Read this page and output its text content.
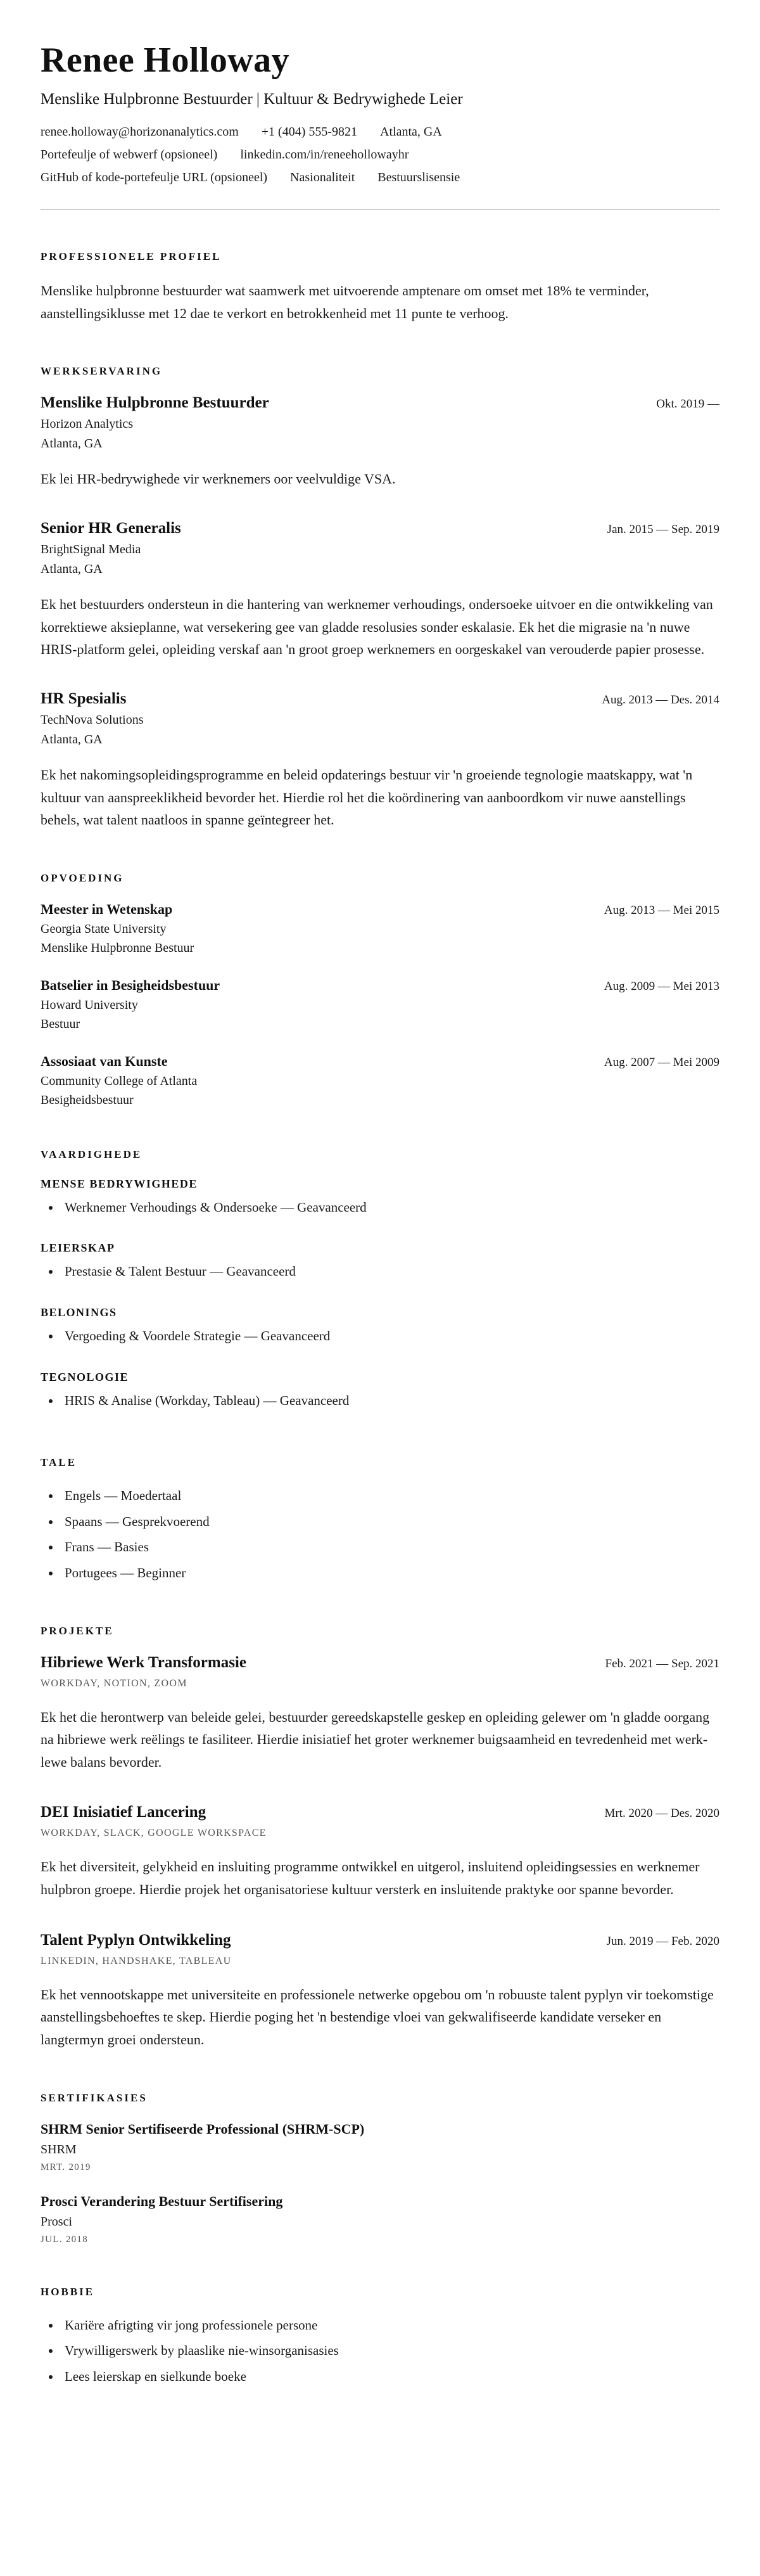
Renee Holloway
Menslike Hulpbronne Bestuurder | Kultuur & Bedrywighede Leier
renee.holloway@horizonanalytics.com +1 (404) 555-9821 Atlanta, GA
Portefeulje of webwerf (opsioneel) linkedin.com/in/reneehollowayhr
GitHub of kode-portefeulje URL (opsioneel) Nasionaliteit Bestuurslisensie
PROFESSIONELE PROFIEL

Menslike hulpbronne bestuurder wat saamwerk met uitvoerende amptenare om omset met 18% te verminder, aanstellingsiklusse met 12 dae te verkort en betrokkenheid met 11 punte te verhoog.

WERKSERVARING
Menslike Hulpbronne Bestuurder	Okt. 2019 —
Horizon Analytics
Atlanta, GA

Ek lei HR-bedrywighede vir werknemers oor veelvuldige VSA.

Senior HR Generalis	Jan. 2015 — Sep. 2019
BrightSignal Media
Atlanta, GA

Ek het bestuurders ondersteun in die hantering van werknemer verhoudings, ondersoeke uitvoer en die ontwikkeling van korrektiewe aksieplanne, wat versekering gee van gladde resolusies sonder eskalasie. Ek het die migrasie na 'n nuwe HRIS-platform gelei, opleiding verskaf aan 'n groot groep werknemers en oorgeskakel van verouderde papier prosesse.

HR Spesialis	Aug. 2013 — Des. 2014
TechNova Solutions
Atlanta, GA

Ek het nakomingsopleidingsprogramme en beleid opdaterings bestuur vir 'n groeiende tegnologie maatskappy, wat 'n kultuur van aanspreeklikheid bevorder het. Hierdie rol het die koördinering van aanboordkom vir nuwe aanstellings behels, wat talent naatloos in spanne geïntegreer het.

OPVOEDING
Meester in Wetenskap	Aug. 2013 — Mei 2015
Georgia State University
Menslike Hulpbronne Bestuur
Batselier in Besigheidsbestuur	Aug. 2009 — Mei 2013
Howard University
Bestuur
Assosiaat van Kunste	Aug. 2007 — Mei 2009
Community College of Atlanta
Besigheidsbestuur
VAARDIGHEDE
MENSE BEDRYWIGHEDE
• Werknemer Verhoudings & Ondersoeke — Geavanceerd
LEIERSKAP
• Prestasie & Talent Bestuur — Geavanceerd
BELONINGS
• Vergoeding & Voordele Strategie — Geavanceerd
TEGNOLOGIE
• HRIS & Analise (Workday, Tableau) — Geavanceerd
TALE
• Engels — Moedertaal
• Spaans — Gesprekvoerend
• Frans — Basies
• Portugees — Beginner
PROJEKTE
Hibriewe Werk Transformasie	Feb. 2021 — Sep. 2021
WORKDAY, NOTION, ZOOM

Ek het die herontwerp van beleide gelei, bestuurder gereedskapstelle geskep en opleiding gelewer om 'n gladde oorgang na hibriewe werk reëlings te fasiliteer. Hierdie inisiatief het groter werknemer buigsaamheid en tevredenheid met werk-lewe balans bevorder.

DEI Inisiatief Lancering	Mrt. 2020 — Des. 2020
WORKDAY, SLACK, GOOGLE WORKSPACE

Ek het diversiteit, gelykheid en insluiting programme ontwikkel en uitgerol, insluitend opleidingsessies en werknemer hulpbron groepe. Hierdie projek het organisatoriese kultuur versterk en insluitende praktyke oor spanne bevorder.

Talent Pyplyn Ontwikkeling	Jun. 2019 — Feb. 2020
LINKEDIN, HANDSHAKE, TABLEAU

Ek het vennootskappe met universiteite en professionele netwerke opgebou om 'n robuuste talent pyplyn vir toekomstige aanstellingsbehoeftes te skep. Hierdie poging het 'n bestendige vloei van gekwalifiseerde kandidate verseker en langtermyn groei ondersteun.

SERTIFIKASIES
SHRM Senior Sertifiseerde Professional (SHRM-SCP)
SHRM
MRT. 2019
Prosci Verandering Bestuur Sertifisering
Prosci
JUL. 2018
HOBBIE
• Kariëre afrigting vir jong professionele persone
• Vrywilligerswerk by plaaslike nie-winsorganisasies
• Lees leierskap en sielkunde boeke
